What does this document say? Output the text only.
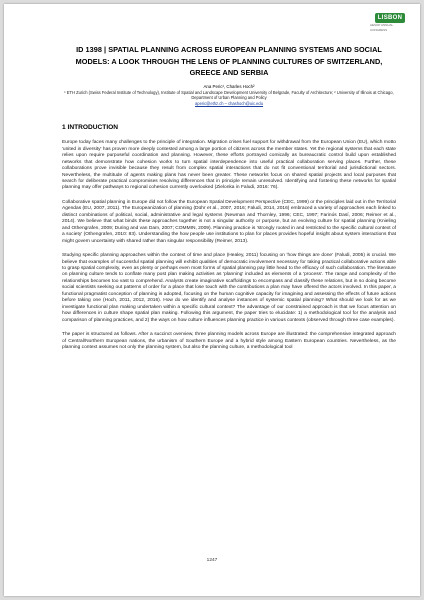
LISBON
AESOP ANNUAL CONGRESS
ID 1398 | SPATIAL PLANNING ACROSS EUROPEAN PLANNING SYSTEMS AND SOCIAL MODELS: A LOOK THROUGH THE LENS OF PLANNING CULTURES OF SWITZERLAND, GREECE AND SERBIA
Ana Peric¹, Charles Hoch²
¹ ETH Zurich (Swiss Federal Institute of Technology), Institute of Spatial and Landscape Development University of Belgrade, Faculty of Architecture; ² University of Illinois at Chicago, Department of Urban Planning and Policy
aperic@ethz.ch – chashoch@uic.edu
1 INTRODUCTION

Europe today faces many challenges to the principle of integration. Migration crises fuel support for withdrawal from the European Union (EU), which motto 'united in diversity' has proven more deeply contested among a large portion of citizens across the member states. Yet the regional systems that each state relies upon require purposeful coordination and planning. However, these efforts portrayed comically as bureaucratic control build upon established networks that demonstrate how cohesion works to turn spatial interdependence into useful practical collaboration serving places. Further, these collaborations prove invisible because they result from complex spatial interactions that do not fit conventional territorial and jurisdictional sectors. Nevertheless, the multitude of agents making plans has never been greater. These networks focus on shared spatial projects and local purposes that search for deliberate practical compromises resolving differences that in principle remain unresolved. Identifying and fostering these networks for spatial planning may offer pathways to regional cohesion currently overlooked (Zielonka in Faludi, 2016: 76).

Collaborative spatial planning in Europe did not follow the European Spatial Development Perspective (CEC, 1999) or the principles laid out in the Territorial Agendas (EU, 2007, 2011). The Europeanization of planning (Dühr et al., 2007, 2016; Faludi, 2014, 2016) embraced a variety of approaches each linked to distinct combinations of political, social, administrative and legal systems (Newman and Thornley, 1996; CEC, 1997; Farinós Dasí, 2006; Reimer et al., 2014). We believe that what binds these approaches together is not a singular authority or purpose, but an evolving culture for spatial planning (Knieling and Othengrafen, 2009; During and van Dam, 2007; COMMIN, 2009). Planning practice is 'strongly rooted in and restricted to the specific cultural context of a society' (Othengrafen, 2010: 83). Understanding the how people use institutions to plan for places provides hopeful insight about system interactions that might govern uncertainty with shared rather than singular responsibility (Reimer, 2013).

Studying specific planning approaches within the context of time and place (Healey, 2011) focusing on 'how things are done' (Faludi, 2005) is crucial. We believe that examples of successful spatial planning will exhibit qualities of democratic involvement necessary for taking practical collaborative actions able to grasp spatial complexity, even as plenty or perhaps even most forms of spatial planning pay little head to the efficacy of such collaboration. The literature on planning culture tends to conflate many post plan making activities as 'planning' included as elements of a 'process'. The range and complexity of the relationships becomes too vast to comprehend. Analysts create imaginative scaffoldings to encompass and classify these relations, but in so doing become social scientists seeking out patterns of order for a place that lose touch with the contributions a plan may have offered the actors involved. In this paper, a functional pragmatist conception of planning is adopted, focusing on the human cognitive capacity for imagining and assessing the effects of future actions before taking one (Hoch, 2011, 2012, 2016). How do we identify and analyse instances of systemic spatial planning? What should we look for as we investigate functional plan making undertaken within a specific cultural context? The advantage of our constrained approach is that we focus attention on how differences in culture shape spatial plan making. Following this argument, the paper tries to elucidate: 1) a methodological tool for the analysis and comparison of planning practices, and 2) the ways on how culture influences planning practice in various contexts (observed through three case examples).

The paper is structured as follows. After a succinct overview, three planning models across Europe are illustrated: the comprehensive integrated approach of Central/Northern European nations, the urbanism of Southern Europe and a hybrid style among Eastern European countries. Nevertheless, as the planning context assumes not only the planning system, but also the planning culture, a methodological tool

1247
